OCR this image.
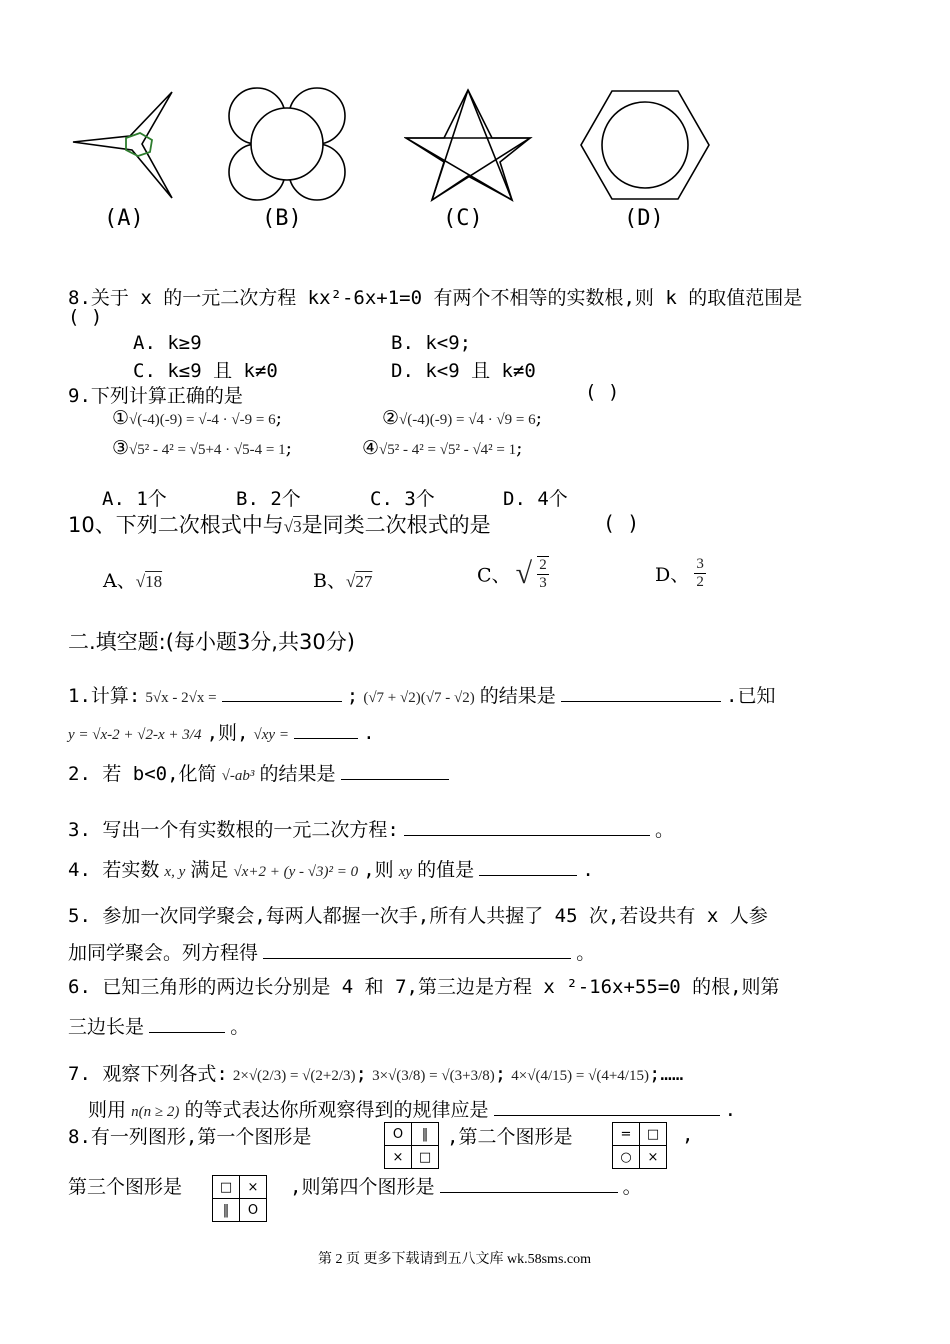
(A)	(B)	(C)	(D)
8.关于 x 的一元二次方程 kx²-6x+1=0 有两个不相等的实数根,则 k 的取值范围是
( )
A. k≥9	B. k<9;
C. k≤9 且 k≠0	D. k<9 且 k≠0
9.下列计算正确的是	( )
①√(-4)(-9) = √-4 · √-9 = 6;	②√(-4)(-9) = √4 · √9 = 6;
③√5² - 4² = √5+4 · √5-4 = 1;	④√5² - 4² = √5² - √4² = 1;
A. 1个	B. 2个	C. 3个	D. 4个
10、下列二次根式中与√3是同类二次根式的是	( )
A、√18	B、√27	C、 √ $\frac{2}{3}$	D、 $\frac{3}{2}$
二.填空题:(每小题3分,共30分)
1.计算: 5√x - 2√x =	; (√7 + √2)(√7 - √2) 的结果是	.已知
y = √x-2 + √2-x + 3/4 ,则, √xy =	.
2. 若 b<0,化简 √-ab³ 的结果是
3. 写出一个有实数根的一元二次方程:	。
4. 若实数 x, y 满足 √x+2 + (y - √3)² = 0 ,则 xy 的值是	.
5. 参加一次同学聚会,每两人都握一次手,所有人共握了 45 次,若设共有 x 人参
加同学聚会。列方程得	。
6. 已知三角形的两边长分别是 4 和 7,第三边是方程 x ²-16x+55=0 的根,则第
三边长是	。
7. 观察下列各式: 2×√(2/3) = √(2+2/3); 3×√(3/8) = √(3+3/8); 4×√(4/15) = √(4+4/15);……
则用 n(n ≥ 2) 的等式表达你所观察得到的规律应是	.
8.有一列图形,第一个图形是	O	‖
×	□
,第二个图形是	=	□
○	×
,
第三个图形是	□	×
‖	O
,则第四个图形是	。
第 2 页 更多下载请到五八文库 wk.58sms.com
